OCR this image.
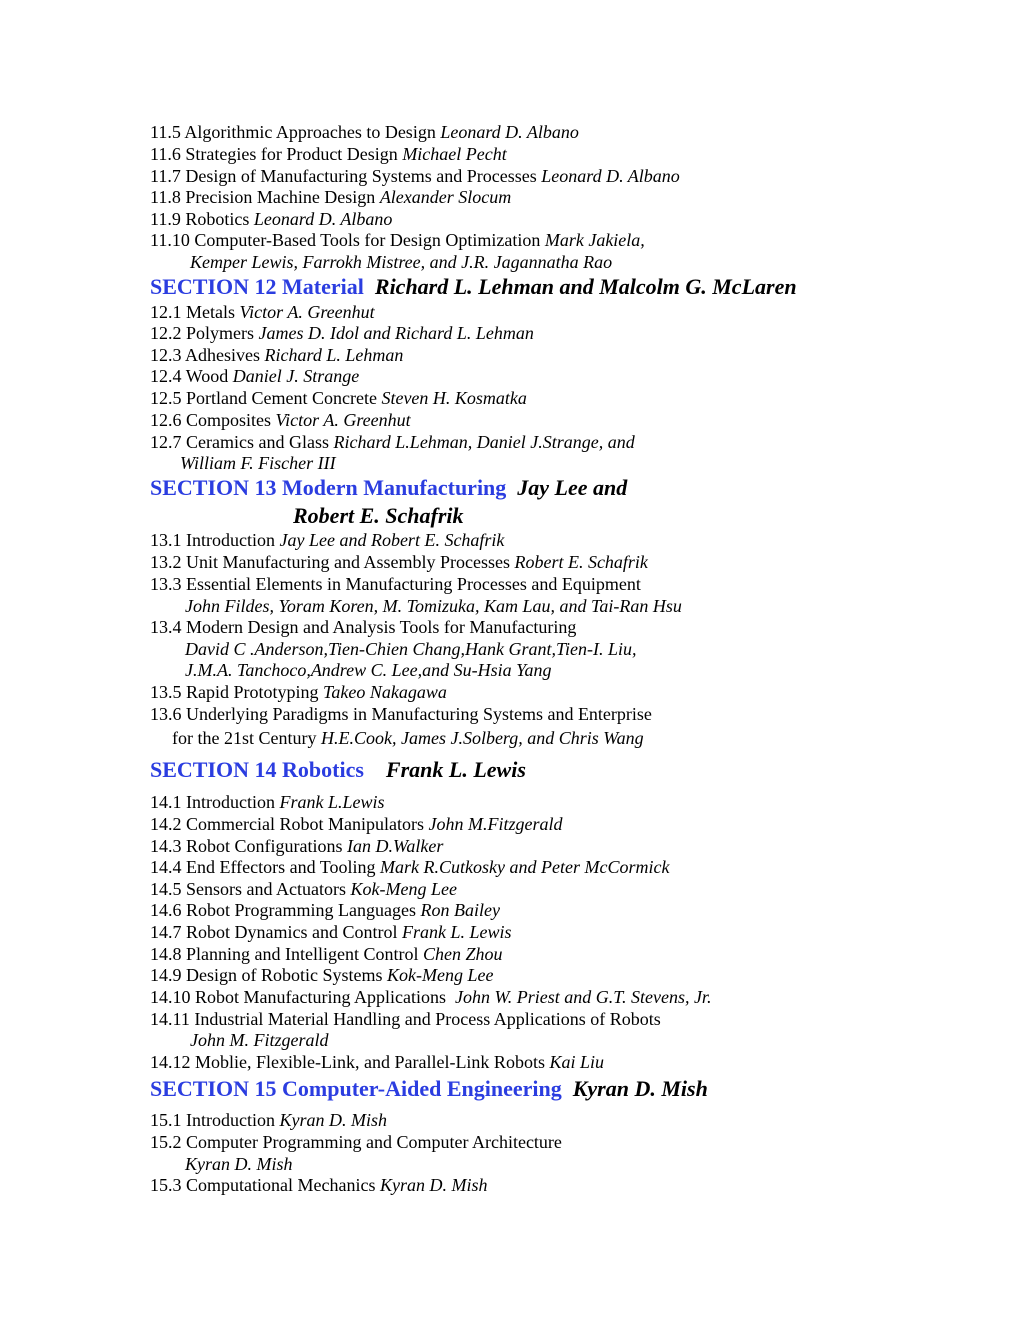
11.5 Algorithmic Approaches to Design Leonard D. Albano
11.6 Strategies for Product Design Michael Pecht
11.7 Design of Manufacturing Systems and Processes Leonard D. Albano
11.8 Precision Machine Design Alexander Slocum
11.9 Robotics Leonard D. Albano
11.10 Computer-Based Tools for Design Optimization Mark Jakiela,
Kemper Lewis, Farrokh Mistree, and J.R. Jagannatha Rao
SECTION 12 Material Richard L. Lehman and Malcolm G. McLaren
12.1 Metals Victor A. Greenhut
12.2 Polymers James D. Idol and Richard L. Lehman
12.3 Adhesives Richard L. Lehman
12.4 Wood Daniel J. Strange
12.5 Portland Cement Concrete Steven H. Kosmatka
12.6 Composites Victor A. Greenhut
12.7 Ceramics and Glass Richard L.Lehman, Daniel J.Strange, and
William F. Fischer III
SECTION 13 Modern Manufacturing Jay Lee and
Robert E. Schafrik
13.1 Introduction Jay Lee and Robert E. Schafrik
13.2 Unit Manufacturing and Assembly Processes Robert E. Schafrik
13.3 Essential Elements in Manufacturing Processes and Equipment
John Fildes, Yoram Koren, M. Tomizuka, Kam Lau, and Tai-Ran Hsu
13.4 Modern Design and Analysis Tools for Manufacturing
David C .Anderson,Tien-Chien Chang,Hank Grant,Tien-I. Liu,
J.M.A. Tanchoco,Andrew C. Lee,and Su-Hsia Yang
13.5 Rapid Prototyping Takeo Nakagawa
13.6 Underlying Paradigms in Manufacturing Systems and Enterprise
for the 21st Century H.E.Cook, James J.Solberg, and Chris Wang
SECTION 14 Robotics Frank L. Lewis
14.1 Introduction Frank L.Lewis
14.2 Commercial Robot Manipulators John M.Fitzgerald
14.3 Robot Configurations Ian D.Walker
14.4 End Effectors and Tooling Mark R.Cutkosky and Peter McCormick
14.5 Sensors and Actuators Kok-Meng Lee
14.6 Robot Programming Languages Ron Bailey
14.7 Robot Dynamics and Control Frank L. Lewis
14.8 Planning and Intelligent Control Chen Zhou
14.9 Design of Robotic Systems Kok-Meng Lee
14.10 Robot Manufacturing Applications John W. Priest and G.T. Stevens, Jr.
14.11 Industrial Material Handling and Process Applications of Robots
John M. Fitzgerald
14.12 Moblie, Flexible-Link, and Parallel-Link Robots Kai Liu
SECTION 15 Computer-Aided Engineering Kyran D. Mish
15.1 Introduction Kyran D. Mish
15.2 Computer Programming and Computer Architecture
Kyran D. Mish
15.3 Computational Mechanics Kyran D. Mish
